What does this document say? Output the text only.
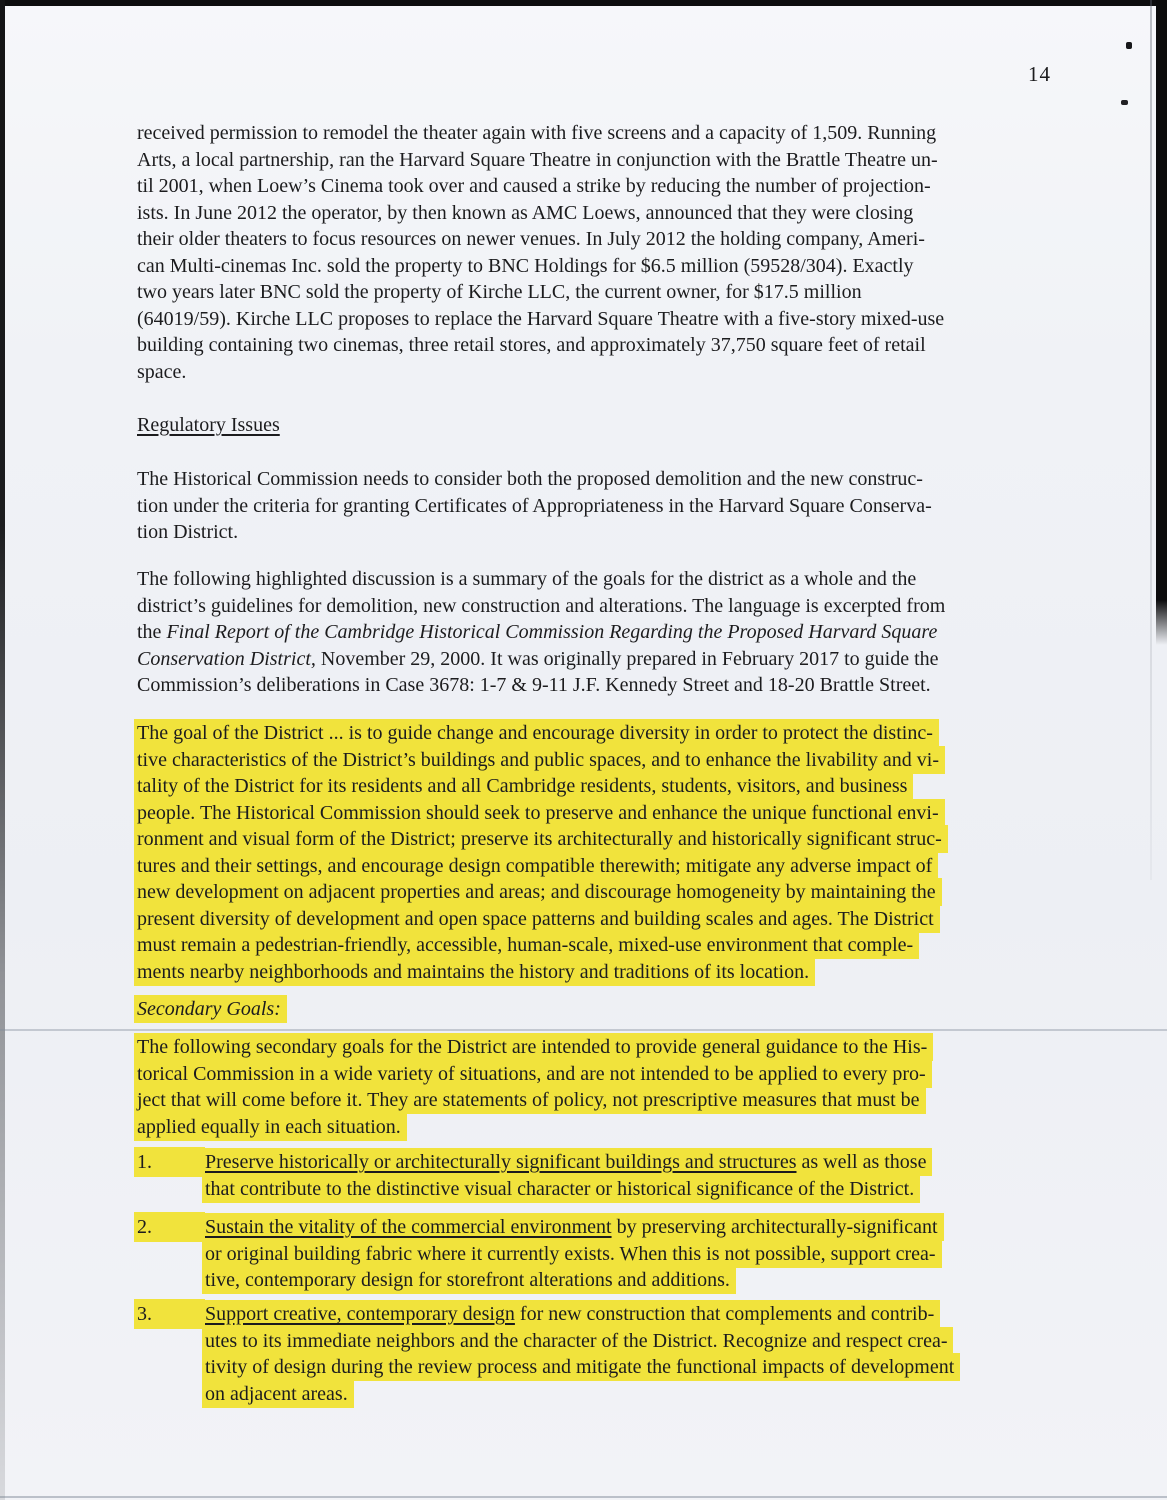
14
received permission to remodel the theater again with five screens and a capacity of 1,509. Running
Arts, a local partnership, ran the Harvard Square Theatre in conjunction with the Brattle Theatre un-
til 2001, when Loew’s Cinema took over and caused a strike by reducing the number of projection-
ists. In June 2012 the operator, by then known as AMC Loews, announced that they were closing
their older theaters to focus resources on newer venues. In July 2012 the holding company, Ameri-
can Multi-cinemas Inc. sold the property to BNC Holdings for $6.5 million (59528/304). Exactly
two years later BNC sold the property of Kirche LLC, the current owner, for $17.5 million
(64019/59). Kirche LLC proposes to replace the Harvard Square Theatre with a five-story mixed-use
building containing two cinemas, three retail stores, and approximately 37,750 square feet of retail
space.
Regulatory Issues
The Historical Commission needs to consider both the proposed demolition and the new construc-
tion under the criteria for granting Certificates of Appropriateness in the Harvard Square Conserva-
tion District.
The following highlighted discussion is a summary of the goals for the district as a whole and the
district’s guidelines for demolition, new construction and alterations. The language is excerpted from
the Final Report of the Cambridge Historical Commission Regarding the Proposed Harvard Square
Conservation District, November 29, 2000. It was originally prepared in February 2017 to guide the
Commission’s deliberations in Case 3678: 1-7 & 9-11 J.F. Kennedy Street and 18-20 Brattle Street.
The goal of the District ... is to guide change and encourage diversity in order to protect the distinc-
tive characteristics of the District’s buildings and public spaces, and to enhance the livability and vi-
tality of the District for its residents and all Cambridge residents, students, visitors, and business
people. The Historical Commission should seek to preserve and enhance the unique functional envi-
ronment and visual form of the District; preserve its architecturally and historically significant struc-
tures and their settings, and encourage design compatible therewith; mitigate any adverse impact of
new development on adjacent properties and areas; and discourage homogeneity by maintaining the
present diversity of development and open space patterns and building scales and ages. The District
must remain a pedestrian-friendly, accessible, human-scale, mixed-use environment that comple-
ments nearby neighborhoods and maintains the history and traditions of its location.
Secondary Goals:
The following secondary goals for the District are intended to provide general guidance to the His-
torical Commission in a wide variety of situations, and are not intended to be applied to every pro-
ject that will come before it. They are statements of policy, not prescriptive measures that must be
applied equally in each situation.
1.	Preserve historically or architecturally significant buildings and structures as well as those
that contribute to the distinctive visual character or historical significance of the District.
2.	Sustain the vitality of the commercial environment by preserving architecturally-significant
or original building fabric where it currently exists. When this is not possible, support crea-
tive, contemporary design for storefront alterations and additions.
3.	Support creative, contemporary design for new construction that complements and contrib-
utes to its immediate neighbors and the character of the District. Recognize and respect crea-
tivity of design during the review process and mitigate the functional impacts of development
on adjacent areas.
